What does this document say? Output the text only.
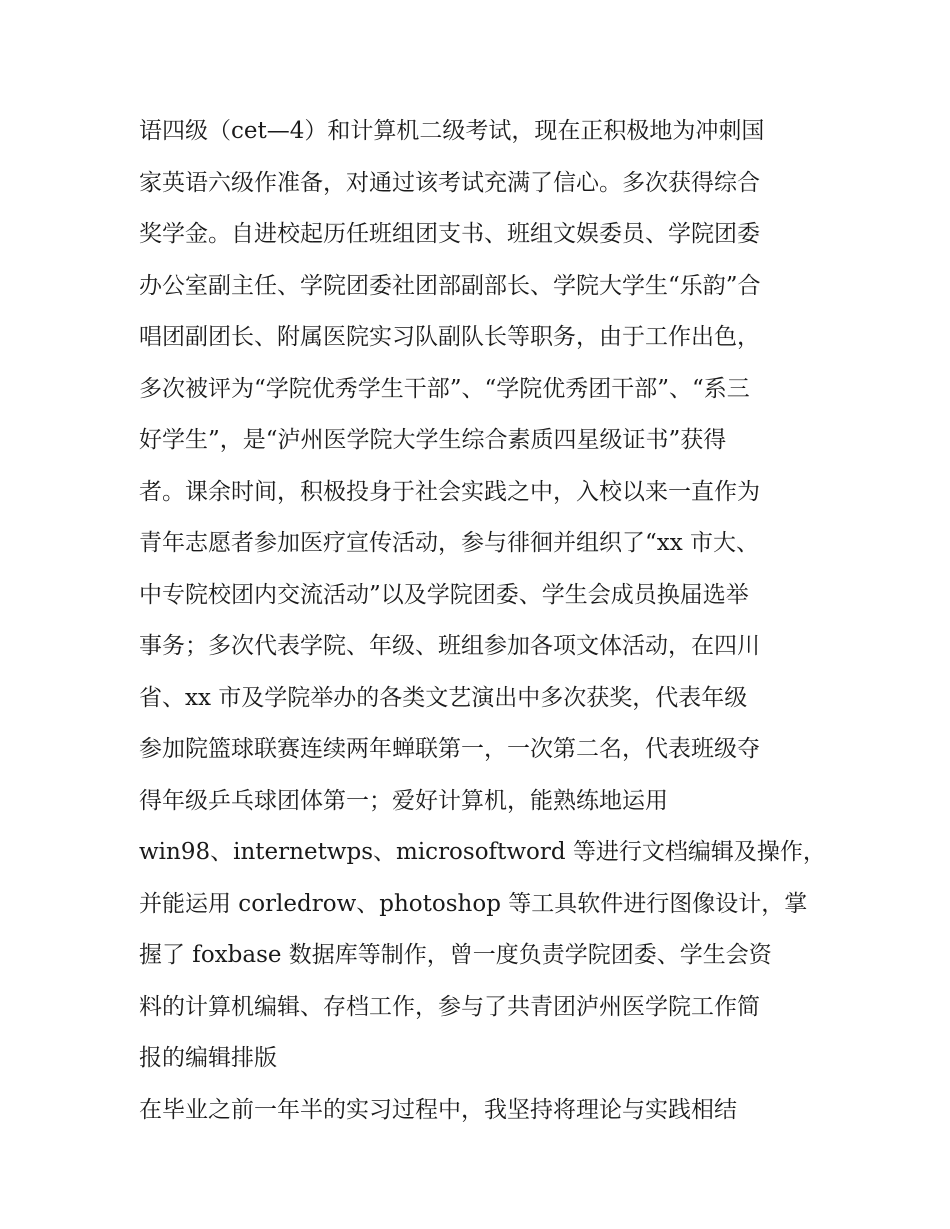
语四级（cet—4）和计算机二级考试，现在正积极地为冲刺国
家英语六级作准备，对通过该考试充满了信心。多次获得综合
奖学金。自进校起历任班组团支书、班组文娱委员、学院团委
办公室副主任、学院团委社团部副部长、学院大学生“乐韵”合
唱团副团长、附属医院实习队副队长等职务，由于工作出色，
多次被评为“学院优秀学生干部”、“学院优秀团干部”、“系三
好学生”，是“泸州医学院大学生综合素质四星级证书”获得
者。课余时间，积极投身于社会实践之中，入校以来一直作为
青年志愿者参加医疗宣传活动，参与徘徊并组织了“xx 市大、
中专院校团内交流活动”以及学院团委、学生会成员换届选举
事务；多次代表学院、年级、班组参加各项文体活动，在四川
省、xx 市及学院举办的各类文艺演出中多次获奖，代表年级
参加院篮球联赛连续两年蝉联第一，一次第二名，代表班级夺
得年级乒乓球团体第一；爱好计算机，能熟练地运用
win98、internetwps、microsoftword 等进行文档编辑及操作，
并能运用 corledrow、photoshop 等工具软件进行图像设计，掌
握了 foxbase 数据库等制作，曾一度负责学院团委、学生会资
料的计算机编辑、存档工作，参与了共青团泸州医学院工作简
报的编辑排版
在毕业之前一年半的实习过程中，我坚持将理论与实践相结
